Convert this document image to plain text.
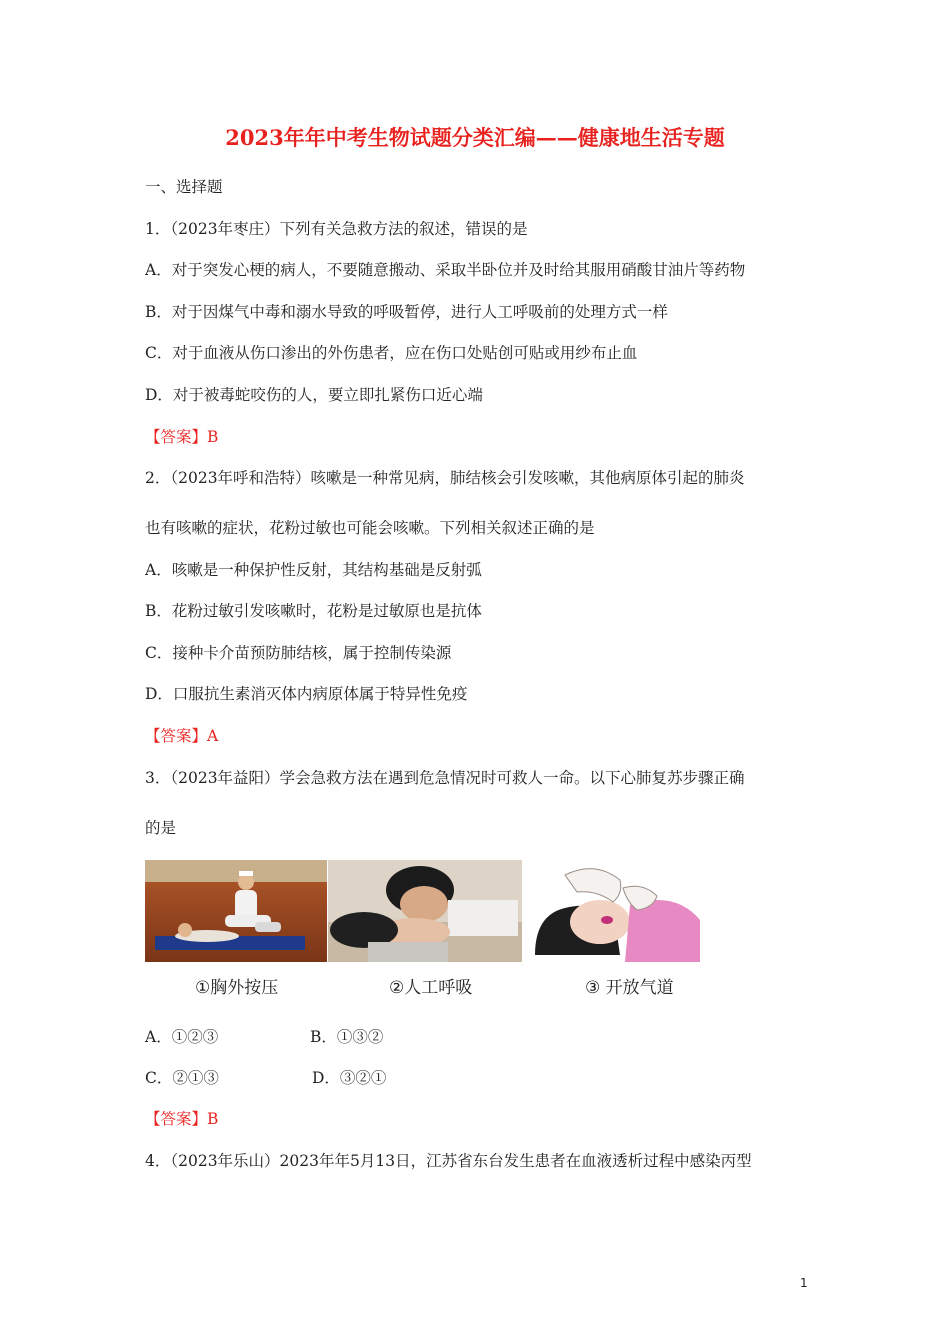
2023年年中考生物试题分类汇编——健康地生活专题
一、选择题
1．（2023年枣庄）下列有关急救方法的叙述，错误的是
A．对于突发心梗的病人，不要随意搬动、采取半卧位并及时给其服用硝酸甘油片等药物
B．对于因煤气中毒和溺水导致的呼吸暂停，进行人工呼吸前的处理方式一样
C．对于血液从伤口渗出的外伤患者，应在伤口处贴创可贴或用纱布止血
D．对于被毒蛇咬伤的人，要立即扎紧伤口近心端
【答案】B
2．（2023年呼和浩特）咳嗽是一种常见病，肺结核会引发咳嗽，其他病原体引起的肺炎
也有咳嗽的症状，花粉过敏也可能会咳嗽。下列相关叙述正确的是
A．咳嗽是一种保护性反射，其结构基础是反射弧
B．花粉过敏引发咳嗽时，花粉是过敏原也是抗体
C．接种卡介苗预防肺结核，属于控制传染源
D．口服抗生素消灭体内病原体属于特异性免疫
【答案】A
3．（2023年益阳）学会急救方法在遇到危急情况时可救人一命。以下心肺复苏步骤正确
的是
①胸外按压	②人工呼吸	③ 开放气道
A．①②③	B．①③②
C．②①③	D．③②①
【答案】B
4．（2023年乐山）2023年年5月13日，江苏省东台发生患者在血液透析过程中感染丙型
1
